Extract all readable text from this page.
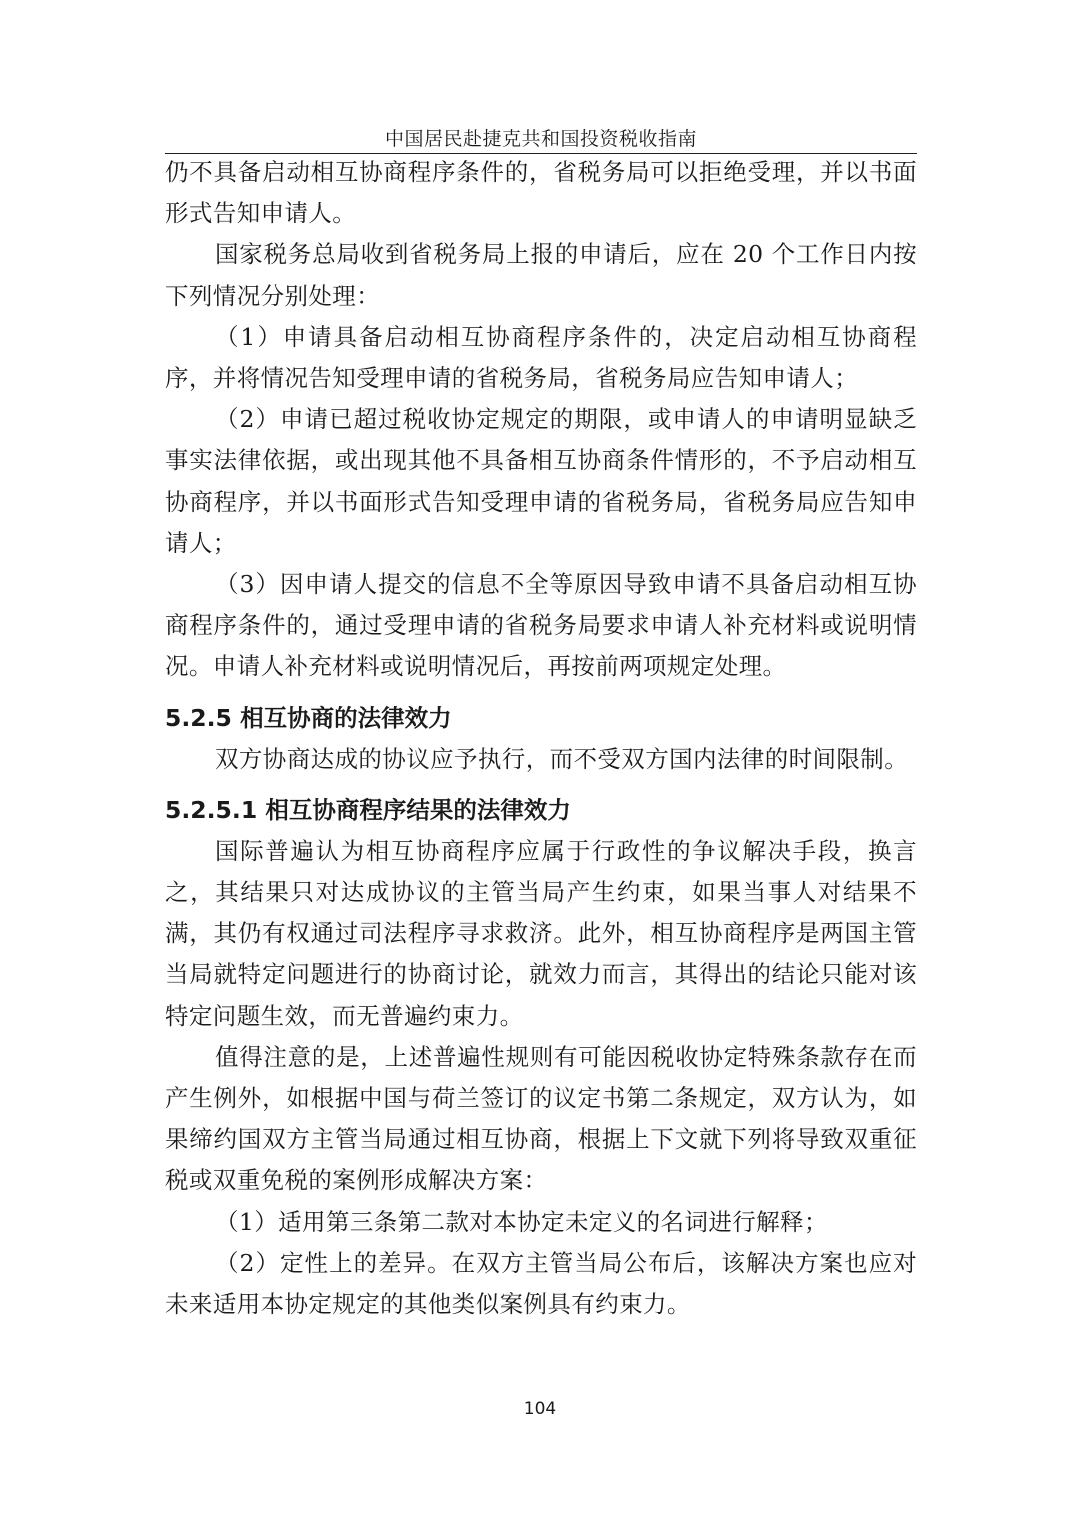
中国居民赴捷克共和国投资税收指南

仍不具备启动相互协商程序条件的，省税务局可以拒绝受理，并以书面形式告知申请人。

国家税务总局收到省税务局上报的申请后，应在 20 个工作日内按下列情况分别处理：

（1）申请具备启动相互协商程序条件的，决定启动相互协商程序，并将情况告知受理申请的省税务局，省税务局应告知申请人；

（2）申请已超过税收协定规定的期限，或申请人的申请明显缺乏事实法律依据，或出现其他不具备相互协商条件情形的，不予启动相互协商程序，并以书面形式告知受理申请的省税务局，省税务局应告知申请人；

（3）因申请人提交的信息不全等原因导致申请不具备启动相互协商程序条件的，通过受理申请的省税务局要求申请人补充材料或说明情况。申请人补充材料或说明情况后，再按前两项规定处理。

5.2.5 相互协商的法律效力

双方协商达成的协议应予执行，而不受双方国内法律的时间限制。

5.2.5.1 相互协商程序结果的法律效力

国际普遍认为相互协商程序应属于行政性的争议解决手段，换言之，其结果只对达成协议的主管当局产生约束，如果当事人对结果不满，其仍有权通过司法程序寻求救济。此外，相互协商程序是两国主管当局就特定问题进行的协商讨论，就效力而言，其得出的结论只能对该特定问题生效，而无普遍约束力。

值得注意的是，上述普遍性规则有可能因税收协定特殊条款存在而产生例外，如根据中国与荷兰签订的议定书第二条规定，双方认为，如果缔约国双方主管当局通过相互协商，根据上下文就下列将导致双重征税或双重免税的案例形成解决方案：

（1）适用第三条第二款对本协定未定义的名词进行解释；

（2）定性上的差异。在双方主管当局公布后，该解决方案也应对未来适用本协定规定的其他类似案例具有约束力。

104
